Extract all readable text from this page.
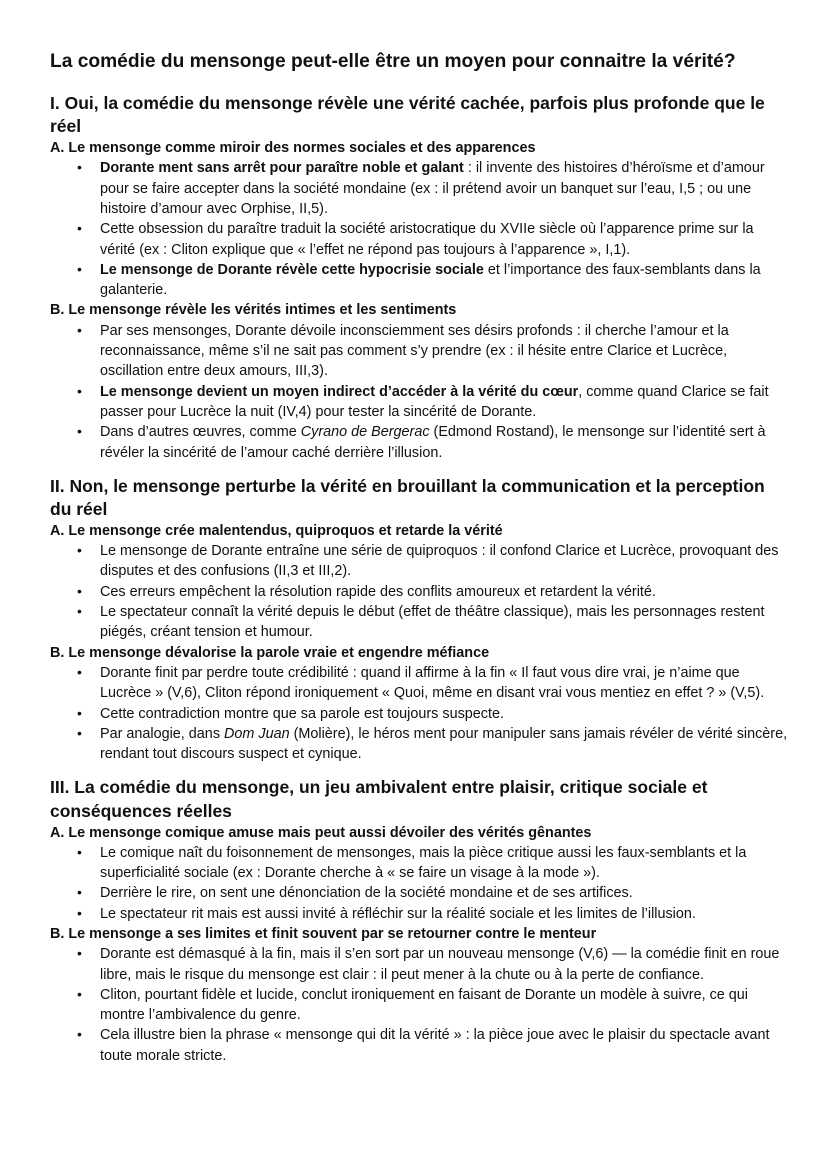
La comédie du mensonge peut-elle être un moyen pour connaitre la vérité?
I. Oui, la comédie du mensonge révèle une vérité cachée, parfois plus profonde que le réel
A. Le mensonge comme miroir des normes sociales et des apparences
• Dorante ment sans arrêt pour paraître noble et galant : il invente des histoires d’héroïsme et d’amour pour se faire accepter dans la société mondaine (ex : il prétend avoir un banquet sur l’eau, I,5 ; ou une histoire d’amour avec Orphise, II,5).
• Cette obsession du paraître traduit la société aristocratique du XVIIe siècle où l’apparence prime sur la vérité (ex : Cliton explique que « l’effet ne répond pas toujours à l’apparence », I,1).
• Le mensonge de Dorante révèle cette hypocrisie sociale et l’importance des faux-semblants dans la galanterie.
B. Le mensonge révèle les vérités intimes et les sentiments
• Par ses mensonges, Dorante dévoile inconsciemment ses désirs profonds : il cherche l’amour et la reconnaissance, même s’il ne sait pas comment s’y prendre (ex : il hésite entre Clarice et Lucrèce, oscillation entre deux amours, III,3).
• Le mensonge devient un moyen indirect d’accéder à la vérité du cœur, comme quand Clarice se fait passer pour Lucrèce la nuit (IV,4) pour tester la sincérité de Dorante.
• Dans d’autres œuvres, comme Cyrano de Bergerac (Edmond Rostand), le mensonge sur l’identité sert à révéler la sincérité de l’amour caché derrière l’illusion.
II. Non, le mensonge perturbe la vérité en brouillant la communication et la perception du réel
A. Le mensonge crée malentendus, quiproquos et retarde la vérité
• Le mensonge de Dorante entraîne une série de quiproquos : il confond Clarice et Lucrèce, provoquant des disputes et des confusions (II,3 et III,2).
• Ces erreurs empêchent la résolution rapide des conflits amoureux et retardent la vérité.
• Le spectateur connaît la vérité depuis le début (effet de théâtre classique), mais les personnages restent piégés, créant tension et humour.
B. Le mensonge dévalorise la parole vraie et engendre méfiance
• Dorante finit par perdre toute crédibilité : quand il affirme à la fin « Il faut vous dire vrai, je n’aime que Lucrèce » (V,6), Cliton répond ironiquement « Quoi, même en disant vrai vous mentiez en effet ? » (V,5).
• Cette contradiction montre que sa parole est toujours suspecte.
• Par analogie, dans Dom Juan (Molière), le héros ment pour manipuler sans jamais révéler de vérité sincère, rendant tout discours suspect et cynique.
III. La comédie du mensonge, un jeu ambivalent entre plaisir, critique sociale et conséquences réelles
A. Le mensonge comique amuse mais peut aussi dévoiler des vérités gênantes
• Le comique naît du foisonnement de mensonges, mais la pièce critique aussi les faux-semblants et la superficialité sociale (ex : Dorante cherche à « se faire un visage à la mode »).
• Derrière le rire, on sent une dénonciation de la société mondaine et de ses artifices.
• Le spectateur rit mais est aussi invité à réfléchir sur la réalité sociale et les limites de l’illusion.
B. Le mensonge a ses limites et finit souvent par se retourner contre le menteur
• Dorante est démasqué à la fin, mais il s’en sort par un nouveau mensonge (V,6) — la comédie finit en roue libre, mais le risque du mensonge est clair : il peut mener à la chute ou à la perte de confiance.
• Cliton, pourtant fidèle et lucide, conclut ironiquement en faisant de Dorante un modèle à suivre, ce qui montre l’ambivalence du genre.
• Cela illustre bien la phrase « mensonge qui dit la vérité » : la pièce joue avec le plaisir du spectacle avant toute morale stricte.
